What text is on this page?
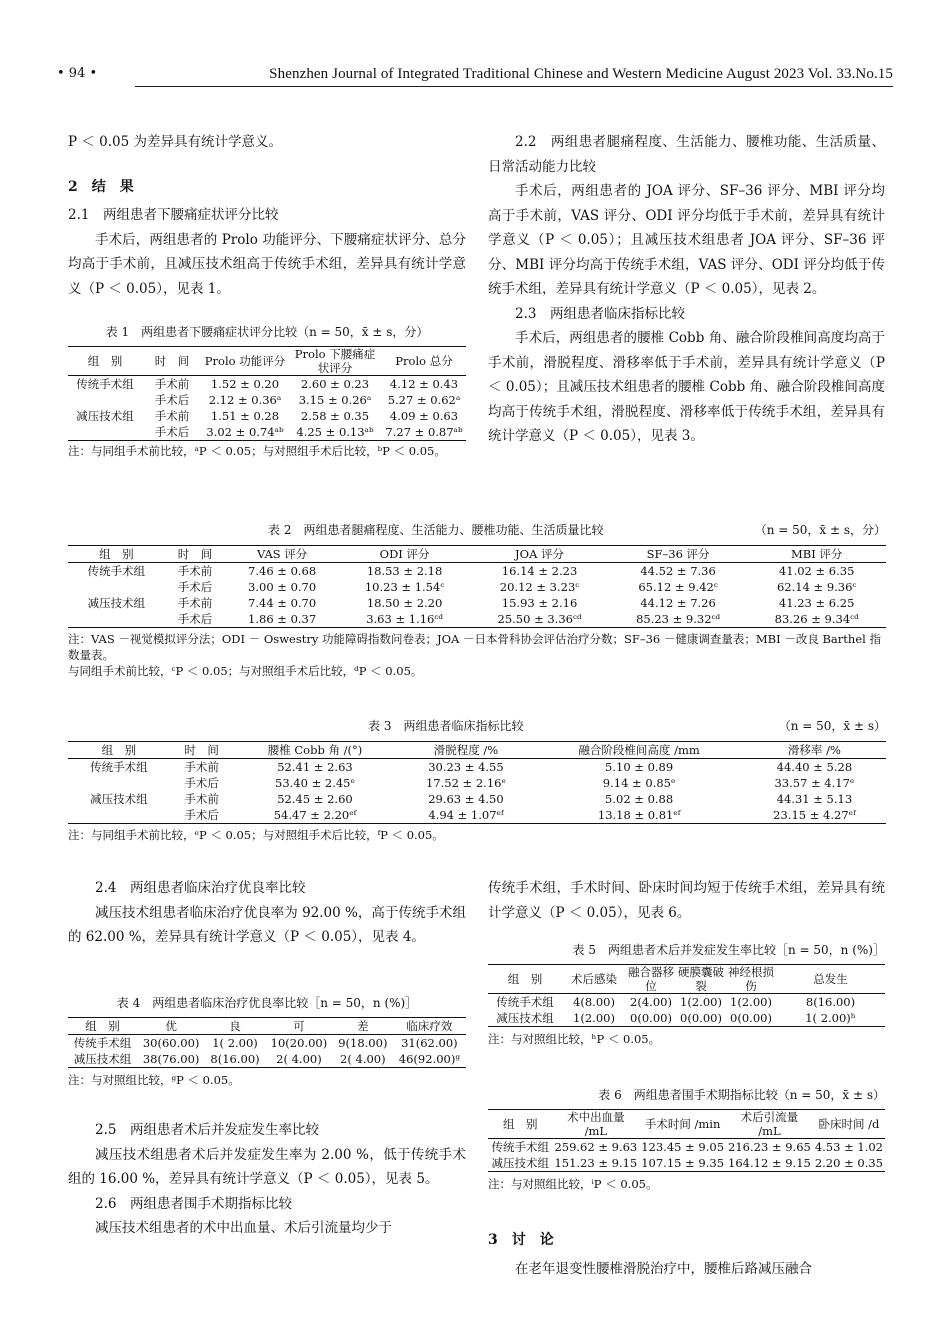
• 94 •	Shenzhen Journal of Integrated Traditional Chinese and Western Medicine August 2023 Vol. 33.No.15

P ＜ 0.05 为差异具有统计学意义。

2　结　果

2.1　两组患者下腰痛症状评分比较

手术后，两组患者的 Prolo 功能评分、下腰痛症状评分、总分均高于手术前，且减压技术组高于传统手术组，差异具有统计学意义（P ＜ 0.05），见表 1。

表 1　两组患者下腰痛症状评分比较（n = 50，x̄ ± s，分）
组　别	时　间	Prolo 功能评分	Prolo 下腰痛症状评分	Prolo 总分
传统手术组	手术前	1.52 ± 0.20	2.60 ± 0.23	4.12 ± 0.43
	手术后	2.12 ± 0.36ᵃ	3.15 ± 0.26ᵃ	5.27 ± 0.62ᵃ
减压技术组	手术前	1.51 ± 0.28	2.58 ± 0.35	4.09 ± 0.63
	手术后	3.02 ± 0.74ᵃᵇ	4.25 ± 0.13ᵃᵇ	7.27 ± 0.87ᵃᵇ
注：与同组手术前比较，ᵃP ＜ 0.05；与对照组手术后比较，ᵇP ＜ 0.05。

2.2　两组患者腿痛程度、生活能力、腰椎功能、生活质量、日常活动能力比较

手术后，两组患者的 JOA 评分、SF–36 评分、MBI 评分均高于手术前，VAS 评分、ODI 评分均低于手术前，差异具有统计学意义（P ＜ 0.05）；且减压技术组患者 JOA 评分、SF–36 评分、MBI 评分均高于传统手术组，VAS 评分、ODI 评分均低于传统手术组，差异具有统计学意义（P ＜ 0.05），见表 2。

2.3　两组患者临床指标比较

手术后，两组患者的腰椎 Cobb 角、融合阶段椎间高度均高于手术前，滑脱程度、滑移率低于手术前，差异具有统计学意义（P ＜ 0.05）；且减压技术组患者的腰椎 Cobb 角、融合阶段椎间高度均高于传统手术组，滑脱程度、滑移率低于传统手术组，差异具有统计学意义（P ＜ 0.05），见表 3。

表 2　两组患者腿痛程度、生活能力、腰椎功能、生活质量比较	（n = 50，x̄ ± s，分）
组　别	时　间	VAS 评分	ODI 评分	JOA 评分	SF–36 评分	MBI 评分
传统手术组	手术前	7.46 ± 0.68	18.53 ± 2.18	16.14 ± 2.23	44.52 ± 7.36	41.02 ± 6.35
	手术后	3.00 ± 0.70	10.23 ± 1.54ᶜ	20.12 ± 3.23ᶜ	65.12 ± 9.42ᶜ	62.14 ± 9.36ᶜ
减压技术组	手术前	7.44 ± 0.70	18.50 ± 2.20	15.93 ± 2.16	44.12 ± 7.26	41.23 ± 6.25
	手术后	1.86 ± 0.37	3.63 ± 1.16ᶜᵈ	25.50 ± 3.36ᶜᵈ	85.23 ± 9.32ᶜᵈ	83.26 ± 9.34ᶜᵈ
注：VAS －视觉模拟评分法；ODI － Oswestry 功能障碍指数问卷表；JOA －日本骨科协会评估治疗分数；SF–36 －健康调查量表；MBI －改良 Barthel 指数量表。
与同组手术前比较，ᶜP ＜ 0.05；与对照组手术后比较，ᵈP ＜ 0.05。
表 3　两组患者临床指标比较	（n = 50，x̄ ± s）
组　别	时　间	腰椎 Cobb 角 /(°)	滑脱程度 /%	融合阶段椎间高度 /mm	滑移率 /%
传统手术组	手术前	52.41 ± 2.63	30.23 ± 4.55	5.10 ± 0.89	44.40 ± 5.28
	手术后	53.40 ± 2.45ᵉ	17.52 ± 2.16ᵉ	9.14 ± 0.85ᵉ	33.57 ± 4.17ᵉ
减压技术组	手术前	52.45 ± 2.60	29.63 ± 4.50	5.02 ± 0.88	44.31 ± 5.13
	手术后	54.47 ± 2.20ᵉᶠ	4.94 ± 1.07ᵉᶠ	13.18 ± 0.81ᵉᶠ	23.15 ± 4.27ᵉᶠ
注：与同组手术前比较，ᵉP ＜ 0.05；与对照组手术后比较，ᶠP ＜ 0.05。

2.4　两组患者临床治疗优良率比较

减压技术组患者临床治疗优良率为 92.00 %，高于传统手术组的 62.00 %，差异具有统计学意义（P ＜ 0.05），见表 4。

表 4　两组患者临床治疗优良率比较［n = 50，n (%)］
组　别	优	良	可	差	临床疗效
传统手术组	30(60.00)	1( 2.00)	10(20.00)	9(18.00)	31(62.00)
减压技术组	38(76.00)	8(16.00)	2( 4.00)	2( 4.00)	46(92.00)ᵍ
注：与对照组比较，ᵍP ＜ 0.05。

2.5　两组患者术后并发症发生率比较

减压技术组患者术后并发症发生率为 2.00 %，低于传统手术组的 16.00 %，差异具有统计学意义（P ＜ 0.05），见表 5。

2.6　两组患者围手术期指标比较

减压技术组患者的术中出血量、术后引流量均少于

传统手术组，手术时间、卧床时间均短于传统手术组，差异具有统计学意义（P ＜ 0.05），见表 6。

表 5　两组患者术后并发症发生率比较［n = 50，n (%)］
组　别	术后感染	融合器移位	硬膜囊破裂	神经根损伤	总发生
传统手术组	4(8.00)	2(4.00)	1(2.00)	1(2.00)	8(16.00)
减压技术组	1(2.00)	0(0.00)	0(0.00)	0(0.00)	1( 2.00)ʰ
注：与对照组比较，ʰP ＜ 0.05。
表 6　两组患者围手术期指标比较（n = 50，x̄ ± s）
组　别	术中出血量 /mL	手术时间 /min	术后引流量 /mL	卧床时间 /d
传统手术组	259.62 ± 9.63	123.45 ± 9.05	216.23 ± 9.65	4.53 ± 1.02
减压技术组	151.23 ± 9.15	107.15 ± 9.35	164.12 ± 9.15	2.20 ± 0.35
注：与对照组比较，ⁱP ＜ 0.05。

3　讨　论

在老年退变性腰椎滑脱治疗中，腰椎后路减压融合
